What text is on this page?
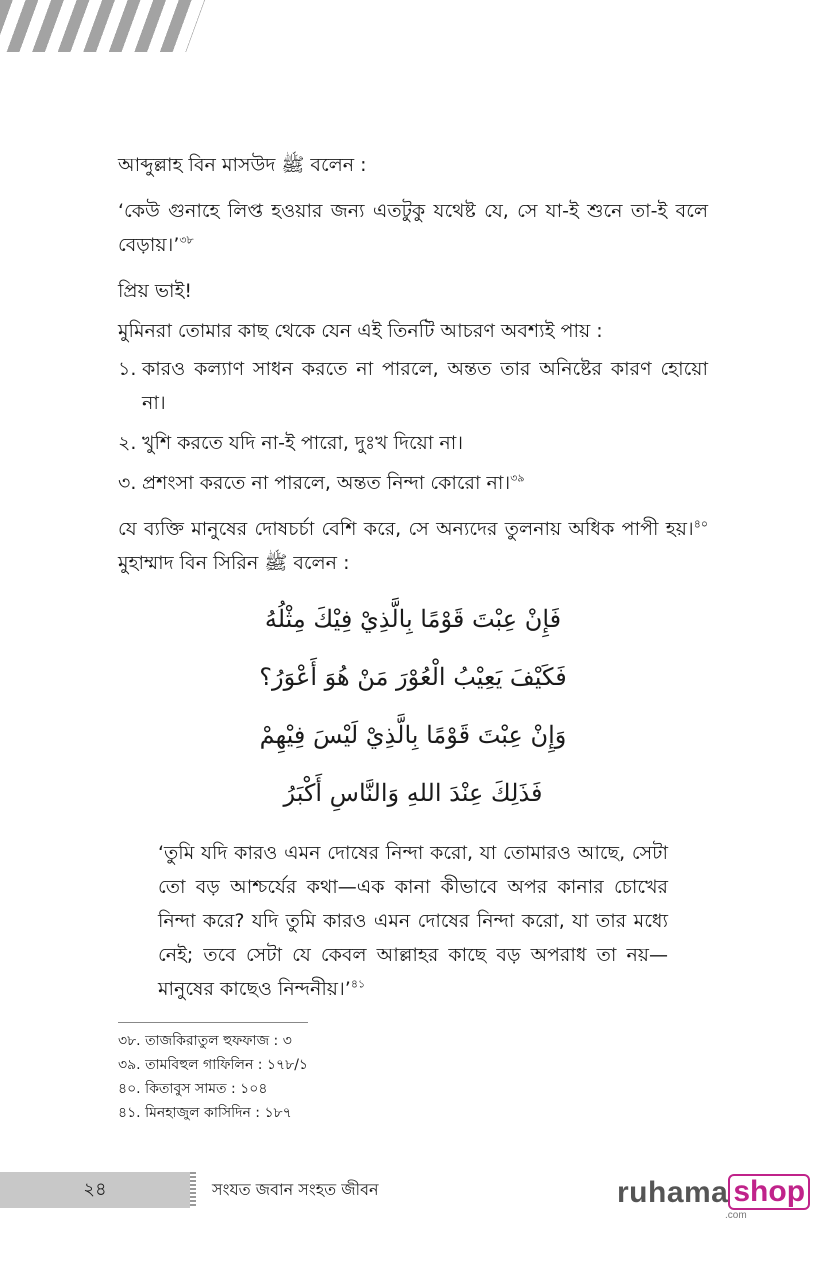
আব্দুল্লাহ বিন মাসউদ ﷺ বলেন :

‘কেউ গুনাহে লিপ্ত হওয়ার জন্য এতটুকু যথেষ্ট যে, সে যা-ই শুনে তা-ই বলে বেড়ায়।’$^{৩৮}$

প্রিয় ভাই!

মুমিনরা তোমার কাছ থেকে যেন এই তিনটি আচরণ অবশ্যই পায় :

১. কারও কল্যাণ সাধন করতে না পারলে, অন্তত তার অনিষ্টের কারণ হোয়ো না।
২. খুশি করতে যদি না-ই পারো, দুঃখ দিয়ো না।
৩. প্রশংসা করতে না পারলে, অন্তত নিন্দা কোরো না।$^{৩৯}$

যে ব্যক্তি মানুষের দোষচর্চা বেশি করে, সে অন্যদের তুলনায় অধিক পাপী হয়।$^{৪০}$ মুহাম্মাদ বিন সিরিন ﷺ বলেন :

فَإِنْ عِبْتَ قَوْمًا بِالَّذِيْ فِيْكَ مِثْلُهُ
فَكَيْفَ يَعِيْبُ الْعُوْرَ مَنْ هُوَ أَعْوَرُ؟
وَإِنْ عِبْتَ قَوْمًا بِالَّذِيْ لَيْسَ فِيْهِمْ
فَذَلِكَ عِنْدَ اللهِ وَالنَّاسِ أَكْبَرُ

‘তুমি যদি কারও এমন দোষের নিন্দা করো, যা তোমারও আছে, সেটা তো বড় আশ্চর্যের কথা—এক কানা কীভাবে অপর কানার চোখের নিন্দা করে? যদি তুমি কারও এমন দোষের নিন্দা করো, যা তার মধ্যে নেই; তবে সেটা যে কেবল আল্লাহর কাছে বড় অপরাধ তা নয়—মানুষের কাছেও নিন্দনীয়।’$^{৪১}$

৩৮. তাজকিরাতুল হুফফাজ : ৩
৩৯. তামবিহুল গাফিলিন : ১৭৮/১
৪০. কিতাবুস সামত : ১০৪
৪১. মিনহাজুল কাসিদিন : ১৮৭
২৪	সংযত জবান সংহত জীবন	ruhama shop
.com
